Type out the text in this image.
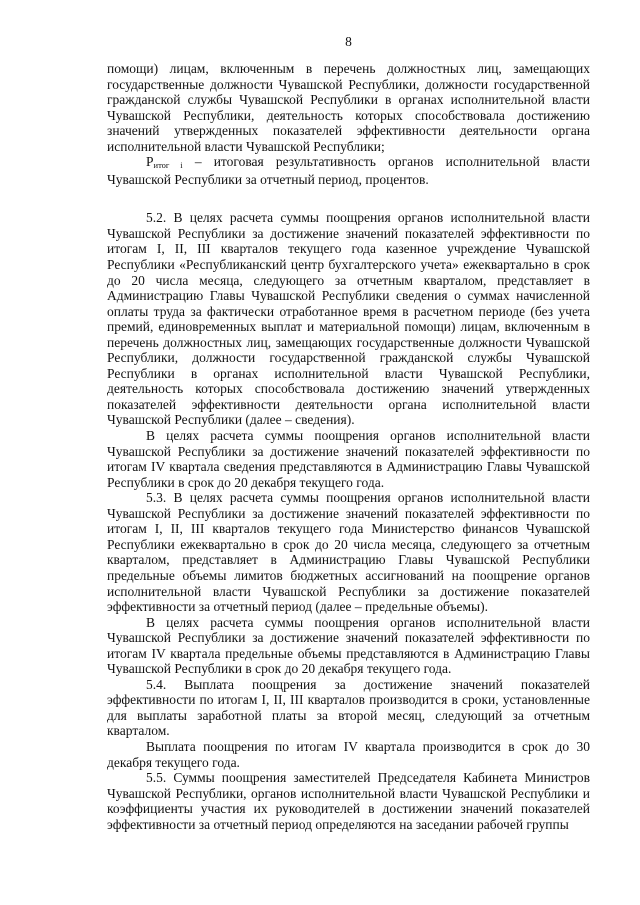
8

помощи) лицам, включенным в перечень должностных лиц, замещающих государственные должности Чувашской Республики, должности государственной гражданской службы Чувашской Республики в органах исполнительной власти Чувашской Республики, деятельность которых способствовала достижению значений утвержденных показателей эффективности деятельности органа исполнительной власти Чувашской Республики;

Pитог i – итоговая результативность органов исполнительной власти Чувашской Республики за отчетный период, процентов.

5.2. В целях расчета суммы поощрения органов исполнительной власти Чувашской Республики за достижение значений показателей эффективности по итогам I, II, III кварталов текущего года казенное учреждение Чувашской Республики «Республиканский центр бухгалтерского учета» ежеквартально в срок до 20 числа месяца, следующего за отчетным кварталом, представляет в Администрацию Главы Чувашской Республики сведения о суммах начисленной оплаты труда за фактически отработанное время в расчетном периоде (без учета премий, единовременных выплат и материальной помощи) лицам, включенным в перечень должностных лиц, замещающих государственные должности Чувашской Республики, должности государственной гражданской службы Чувашской Республики в органах исполнительной власти Чувашской Республики, деятельность которых способствовала достижению значений утвержденных показателей эффективности деятельности органа исполнительной власти Чувашской Республики (далее – сведения).

В целях расчета суммы поощрения органов исполнительной власти Чувашской Республики за достижение значений показателей эффективности по итогам IV квартала сведения представляются в Администрацию Главы Чувашской Республики в срок до 20 декабря текущего года.

5.3. В целях расчета суммы поощрения органов исполнительной власти Чувашской Республики за достижение значений показателей эффективности по итогам I, II, III кварталов текущего года Министерство финансов Чувашской Республики ежеквартально в срок до 20 числа месяца, следующего за отчетным кварталом, представляет в Администрацию Главы Чувашской Республики предельные объемы лимитов бюджетных ассигнований на поощрение органов исполнительной власти Чувашской Республики за достижение показателей эффективности за отчетный период (далее – предельные объемы).

В целях расчета суммы поощрения органов исполнительной власти Чувашской Республики за достижение значений показателей эффективности по итогам IV квартала предельные объемы представляются в Администрацию Главы Чувашской Республики в срок до 20 декабря текущего года.

5.4. Выплата поощрения за достижение значений показателей эффективности по итогам I, II, III кварталов производится в сроки, установленные для выплаты заработной платы за второй месяц, следующий за отчетным кварталом.

Выплата поощрения по итогам IV квартала производится в срок до 30 декабря текущего года.

5.5. Суммы поощрения заместителей Председателя Кабинета Министров Чувашской Республики, органов исполнительной власти Чувашской Республики и коэффициенты участия их руководителей в достижении значений показателей эффективности за отчетный период определяются на заседании рабочей группы
